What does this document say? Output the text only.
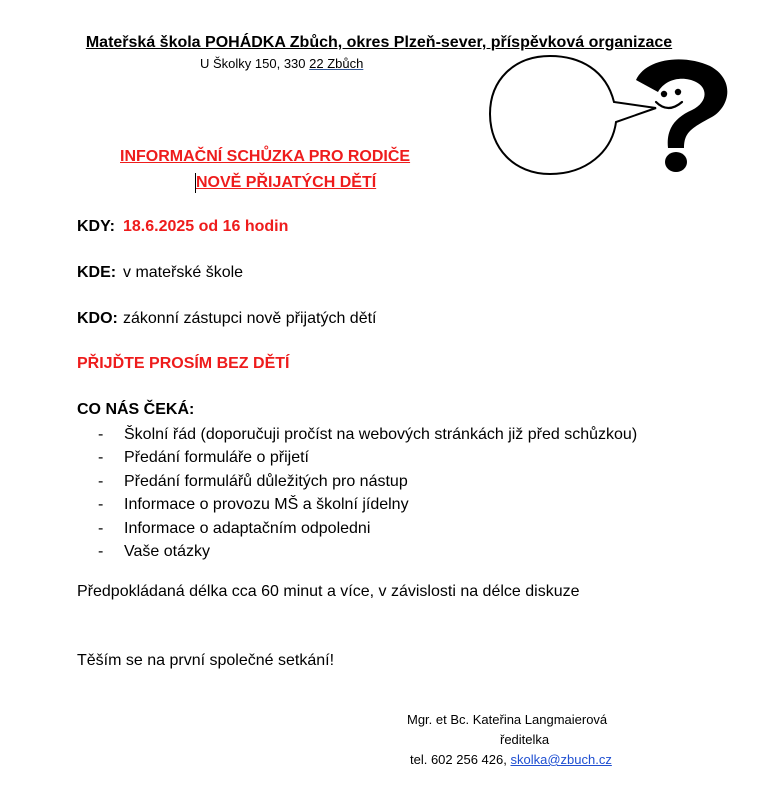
Mateřská škola POHÁDKA Zbůch, okres Plzeň-sever, příspěvková organizace
U Školky 150, 330 22 Zbůch
INFORMAČNÍ SCHŮZKA PRO RODIČE
NOVĚ PŘIJATÝCH DĚTÍ
KDY: 18.6.2025 od 16 hodin
KDE: v mateřské škole
KDO: zákonní zástupci nově přijatých dětí
PŘIJĎTE PROSÍM BEZ DĚTÍ
CO NÁS ČEKÁ:
- Školní řád (doporučuji pročíst na webových stránkách již před schůzkou)
- Předání formuláře o přijetí
- Předání formulářů důležitých pro nástup
- Informace o provozu MŠ a školní jídelny
- Informace o adaptačním odpoledni
- Vaše otázky
Předpokládaná délka cca 60 minut a více, v závislosti na délce diskuze
Těším se na první společné setkání!
Mgr. et Bc. Kateřina Langmaierová
ředitelka
tel. 602 256 426, skolka@zbuch.cz
